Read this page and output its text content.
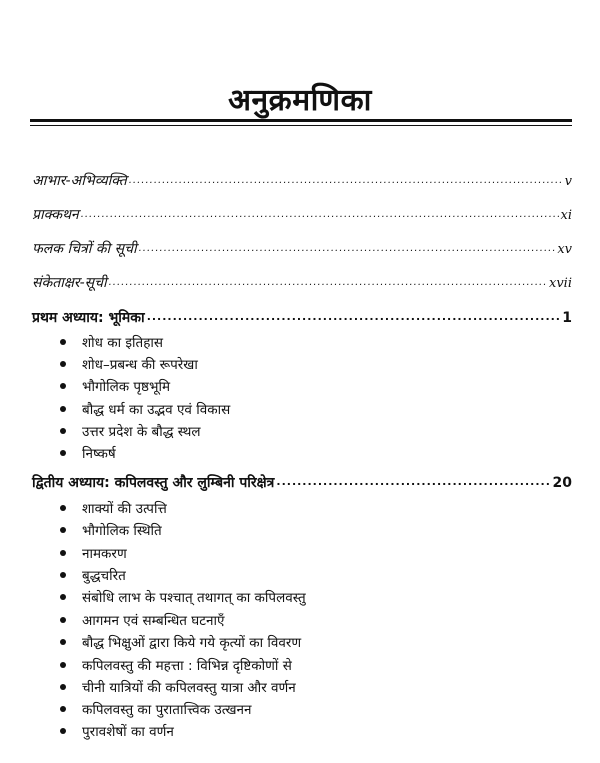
अनुक्रमणिका
आभार-अभिव्यक्ति .....	v
प्राक्कथन .....	xi
फलक चित्रों की सूची .....	xv
संकेताक्षर-सूची .....	xvii
प्रथम अध्याय: भूमिका .....	1
शोध का इतिहास
शोध–प्रबन्ध की रूपरेखा
भौगोलिक पृष्ठभूमि
बौद्ध धर्म का उद्भव एवं विकास
उत्तर प्रदेश के बौद्ध स्थल
निष्कर्ष
द्वितीय अध्याय: कपिलवस्तु और लुम्बिनी परिक्षेत्र .....	20
शाक्यों की उत्पत्ति
भौगोलिक स्थिति
नामकरण
बुद्धचरित
संबोधि लाभ के पश्चात् तथागत् का कपिलवस्तु
आगमन एवं सम्बन्धित घटनाएँ
बौद्ध भिक्षुओं द्वारा किये गये कृत्यों का विवरण
कपिलवस्तु की महत्ता : विभिन्न दृष्टिकोणों से
चीनी यात्रियों की कपिलवस्तु यात्रा और वर्णन
कपिलवस्तु का पुरातात्त्विक उत्खनन
पुरावशेषों का वर्णन
